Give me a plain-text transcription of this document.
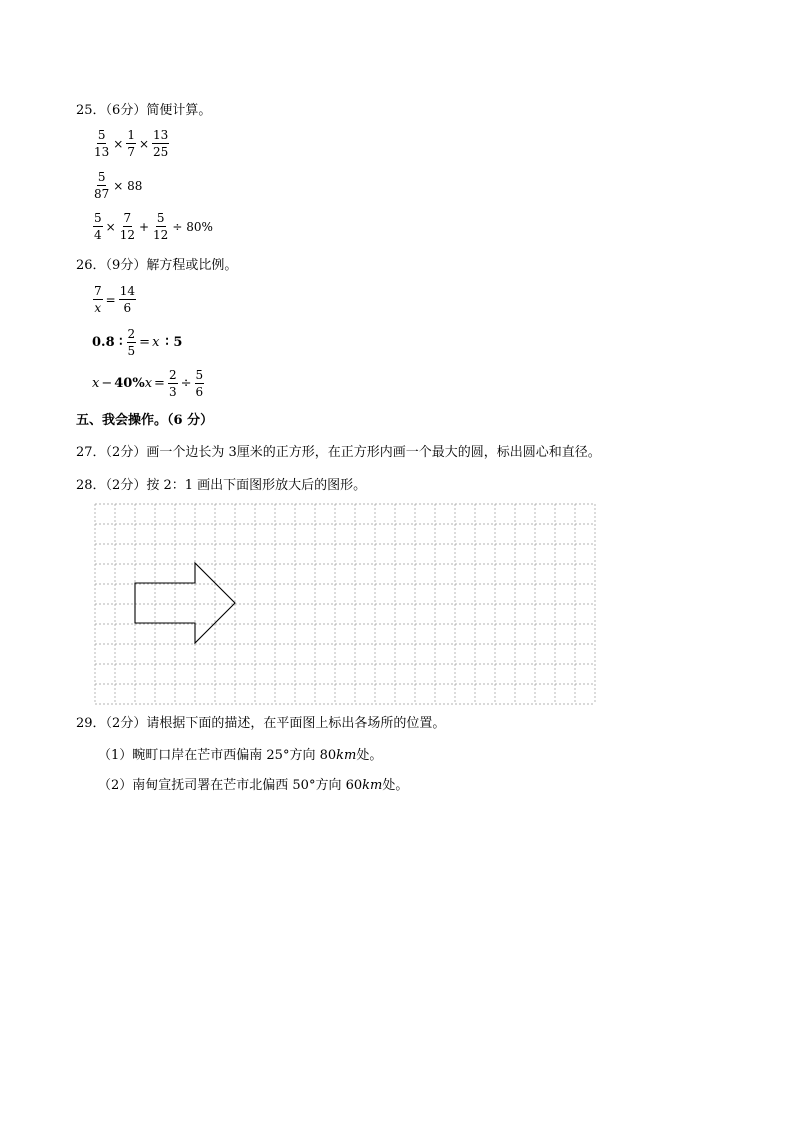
25．（6分）简便计算。
$\frac{5}{13} \times \frac{1}{7} \times \frac{13}{25}$
$\frac{5}{87} \times 88$
$\frac{5}{4} \times \frac{7}{12} + \frac{5}{12} \div 80\%$
26．（9分）解方程或比例。
$\frac{7}{x} = \frac{14}{6}$
0.8 ∶ $\frac{2}{5} = x$ ∶ 5
x − 40% $x = \frac{2}{3} \div \frac{5}{6}$
五、我会操作。（6 分）
27．（2分）画一个边长为 3厘米的正方形，在正方形内画一个最大的圆，标出圆心和直径。
28．（2分）按 2：1 画出下面图形放大后的图形。
29．（2分）请根据下面的描述，在平面图上标出各场所的位置。
（1）畹町口岸在芒市西偏南 25°方向 80km处。
（2）南甸宣抚司署在芒市北偏西 50°方向 60km处。
